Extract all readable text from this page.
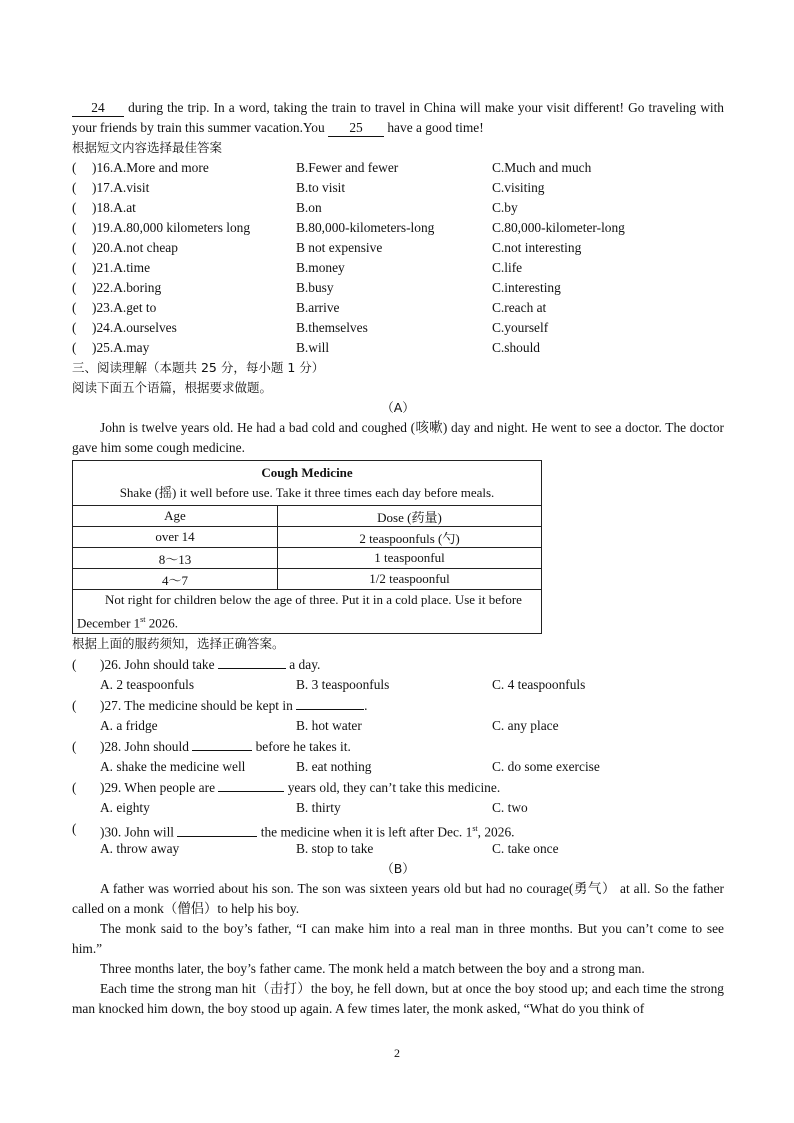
24 during the trip. In a word, taking the train to travel in China will make your visit different! Go traveling with your friends by train this summer vacation.You 25 have a good time!
根据短文内容选择最佳答案
(	)16.A.More and more	B.Fewer and fewer	C.Much and much
(	)17.A.visit	B.to visit	C.visiting
(	)18.A.at	B.on	C.by
(	)19.A.80,000 kilometers long	B.80,000-kilometers-long	C.80,000-kilometer-long
(	)20.A.not cheap	B not expensive	C.not interesting
(	)21.A.time	B.money	C.life
(	)22.A.boring	B.busy	C.interesting
(	)23.A.get to	B.arrive	C.reach at
(	)24.A.ourselves	B.themselves	C.yourself
(	)25.A.may	B.will	C.should
三、阅读理解（本题共 25 分，每小题 1 分）
阅读下面五个语篇，根据要求做题。
（A）
John is twelve years old. He had a bad cold and coughed (咳嗽) day and night. He went to see a doctor. The doctor gave him some cough medicine.
Cough Medicine
Shake (摇) it well before use. Take it three times each day before meals.	

Age	Dose (药量)
over 14	2 teaspoonfuls (勺)
8～13	1 teaspoonful
4～7	1/2 teaspoonful
Not right for children below the age of three. Put it in a cold place. Use it before December 1st 2026.	
根据上面的服药须知，选择正确答案。
(	)26. John should take	a day.
A. 2 teaspoonfuls	B. 3 teaspoonfuls	C. 4 teaspoonfuls
(	)27. The medicine should be kept in	.
A. a fridge	B. hot water	C. any place
(	)28. John should	before he takes it.
A. shake the medicine well	B. eat nothing	C. do some exercise
(	)29. When people are	years old, they can’t take this medicine.
A. eighty	B. thirty	C. two
(	)30. John will	the medicine when it is left after Dec. 1st, 2026.
A. throw away	B. stop to take	C. take once
（B）
A father was worried about his son. The son was sixteen years old but had no courage(勇气） at all. So the father called on a monk（僧侣）to help his boy.
The monk said to the boy’s father, “I can make him into a real man in three months. But you can’t come to see him.”
Three months later, the boy’s father came. The monk held a match between the boy and a strong man.
Each time the strong man hit（击打）the boy, he fell down, but at once the boy stood up; and each time the strong man knocked him down, the boy stood up again. A few times later, the monk asked, “What do you think of
2
